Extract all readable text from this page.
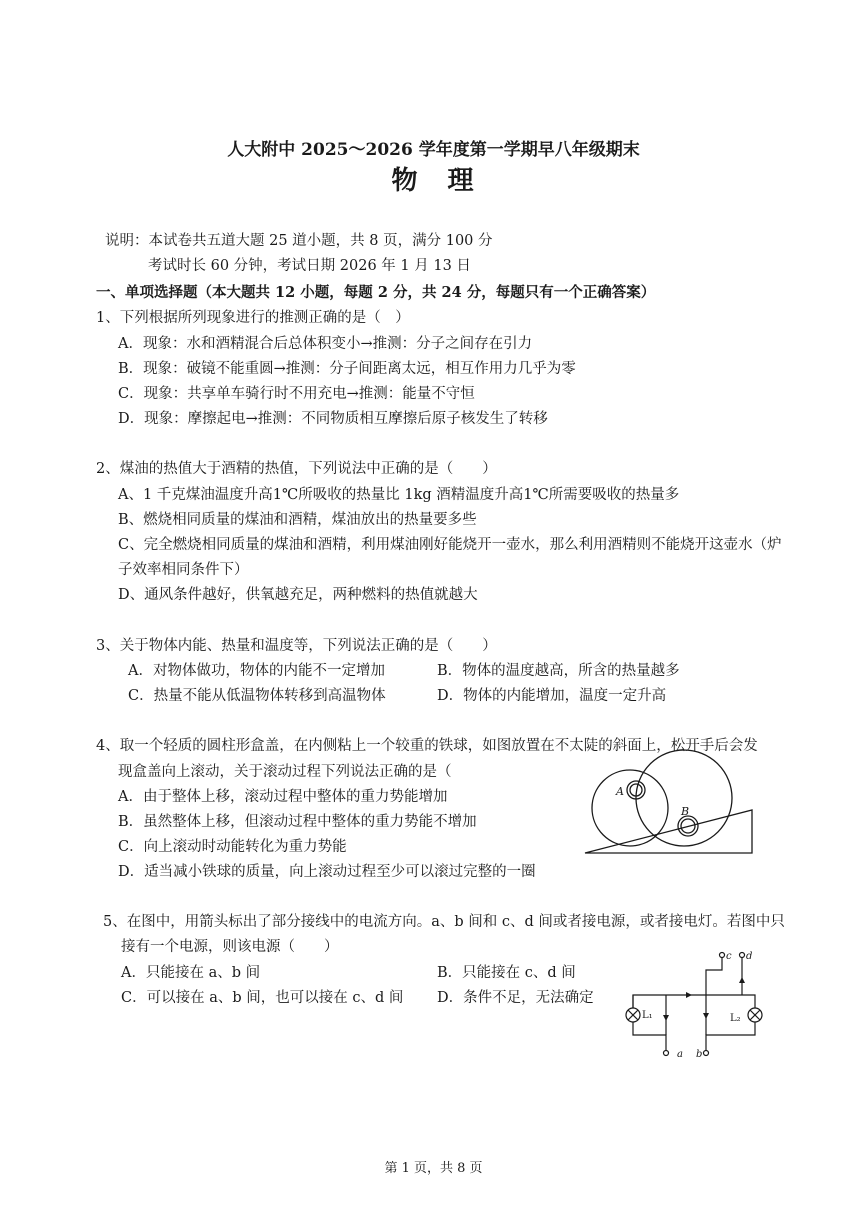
人大附中 2025～2026 学年度第一学期早八年级期末
物　理
说明：本试卷共五道大题 25 道小题，共 8 页，满分 100 分
考试时长 60 分钟，考试日期 2026 年 1 月 13 日
一、单项选择题（本大题共 12 小题，每题 2 分，共 24 分，每题只有一个正确答案）
1、下列根据所列现象进行的推测正确的是（　）
A．现象：水和酒精混合后总体积变小→推测：分子之间存在引力
B．现象：破镜不能重圆→推测：分子间距离太远，相互作用力几乎为零
C．现象：共享单车骑行时不用充电→推测：能量不守恒
D．现象：摩擦起电→推测：不同物质相互摩擦后原子核发生了转移
2、煤油的热值大于酒精的热值，下列说法中正确的是（　　）
A、1 千克煤油温度升高1℃所吸收的热量比 1kg 酒精温度升高1℃所需要吸收的热量多
B、燃烧相同质量的煤油和酒精，煤油放出的热量要多些
C、完全燃烧相同质量的煤油和酒精，利用煤油刚好能烧开一壶水，那么利用酒精则不能烧开这壶水（炉
子效率相同条件下）
D、通风条件越好，供氧越充足，两种燃料的热值就越大
3、关于物体内能、热量和温度等，下列说法正确的是（　　）
A．对物体做功，物体的内能不一定增加	B．物体的温度越高，所含的热量越多
C．热量不能从低温物体转移到高温物体	D．物体的内能增加，温度一定升高
4、取一个轻质的圆柱形盒盖，在内侧粘上一个较重的铁球，如图放置在不太陡的斜面上，松开手后会发
现盒盖向上滚动，关于滚动过程下列说法正确的是（
A．由于整体上移，滚动过程中整体的重力势能增加
B．虽然整体上移，但滚动过程中整体的重力势能不增加
C．向上滚动时动能转化为重力势能
D．适当减小铁球的质量，向上滚动过程至少可以滚过完整的一圈
A
B
5、在图中，用箭头标出了部分接线中的电流方向。a、b 间和 c、d 间或者接电源，或者接电灯。若图中只
接有一个电源，则该电源（　　）
A．只能接在 a、b 间	B．只能接在 c、d 间
C．可以接在 a、b 间，也可以接在 c、d 间 D．条件不足，无法确定
L₁	L₂
a b
c d
第 1 页，共 8 页
